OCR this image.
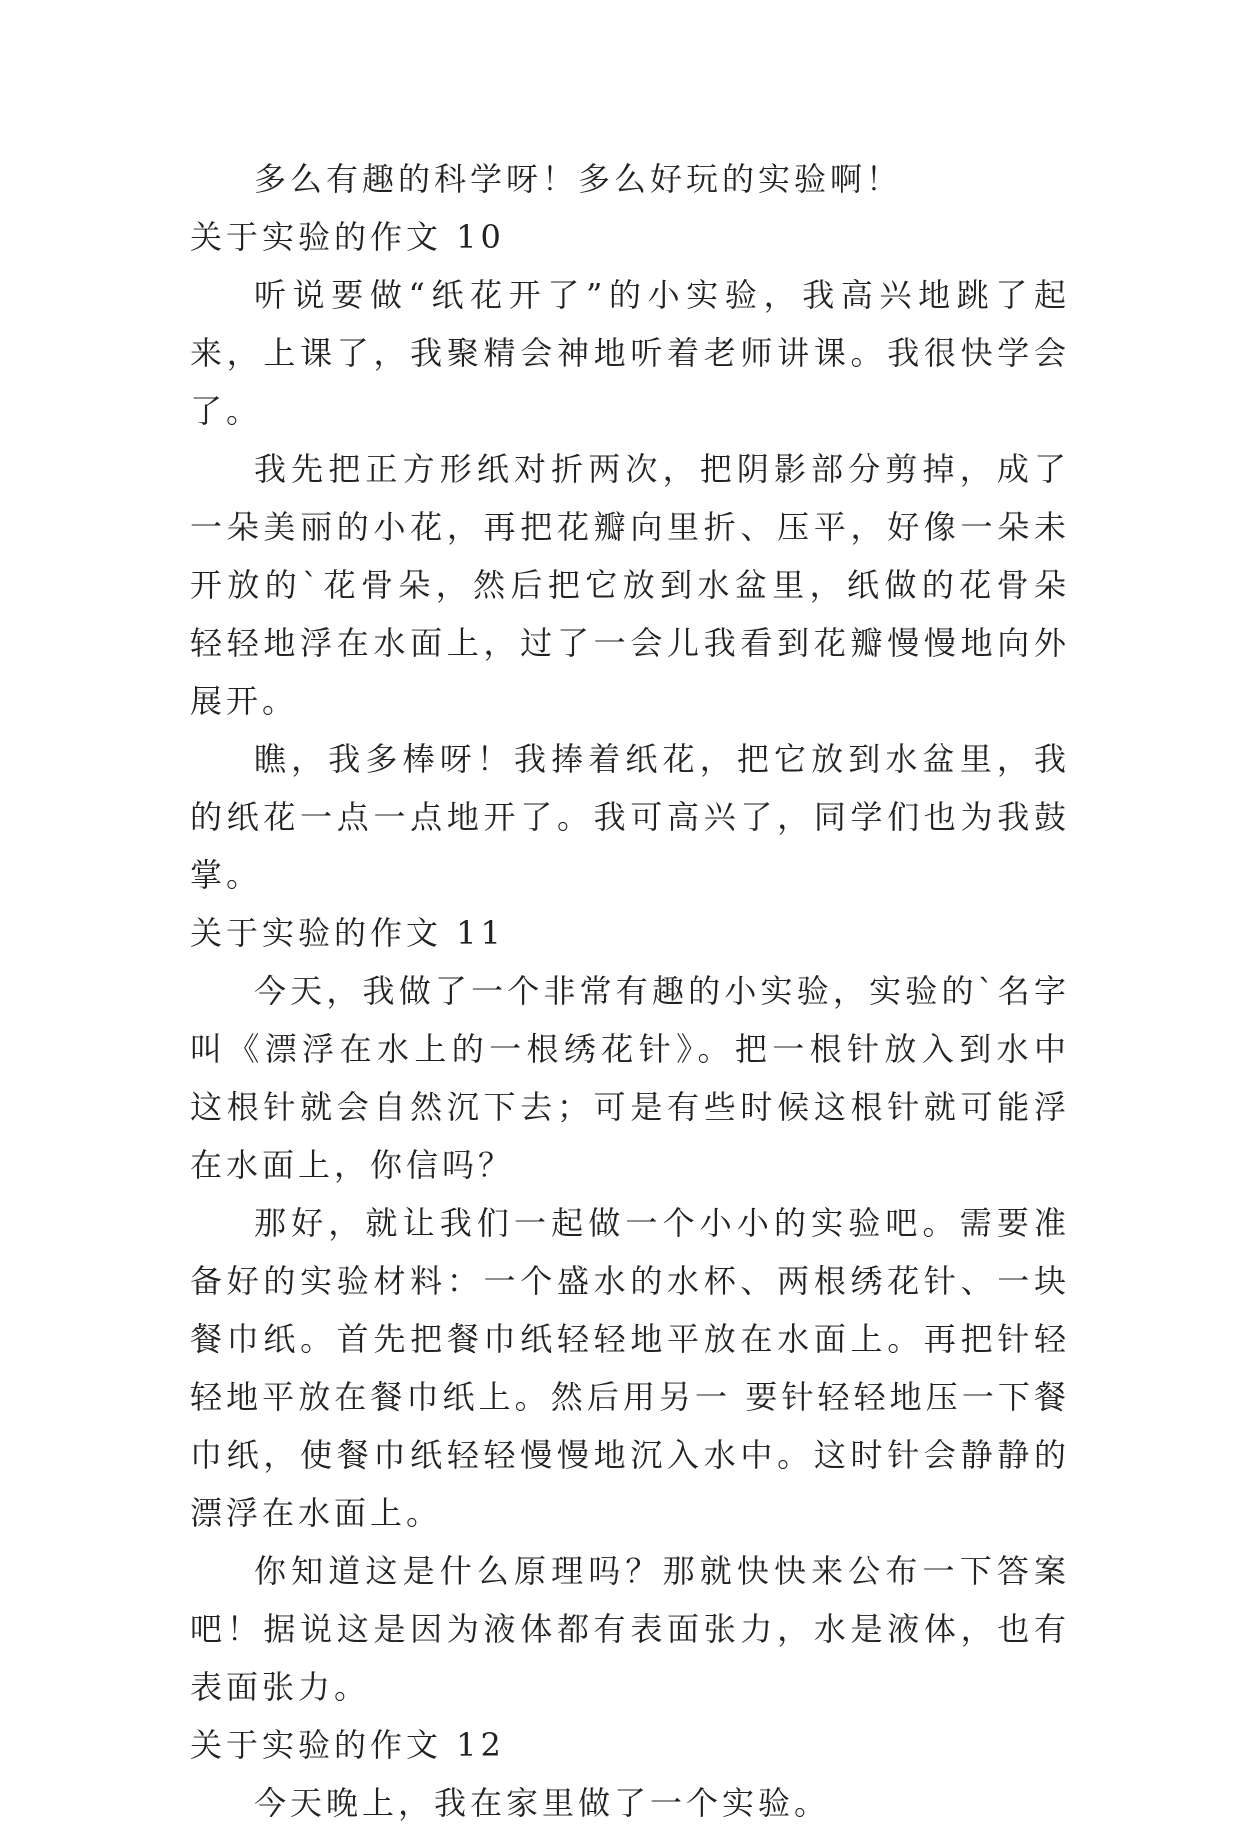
多么有趣的科学呀！多么好玩的实验啊！

关于实验的作文 10

听说要做“纸花开了”的小实验，我高兴地跳了起来，上课了，我聚精会神地听着老师讲课。我很快学会了。

我先把正方形纸对折两次，把阴影部分剪掉，成了一朵美丽的小花，再把花瓣向里折、压平，好像一朵未开放的`花骨朵，然后把它放到水盆里，纸做的花骨朵轻轻地浮在水面上，过了一会儿我看到花瓣慢慢地向外展开。

瞧，我多棒呀！我捧着纸花，把它放到水盆里，我的纸花一点一点地开了。我可高兴了，同学们也为我鼓掌。

关于实验的作文 11

今天，我做了一个非常有趣的小实验，实验的`名字叫《漂浮在水上的一根绣花针》。把一根针放入到水中这根针就会自然沉下去；可是有些时候这根针就可能浮在水面上，你信吗？

那好，就让我们一起做一个小小的实验吧。需要准备好的实验材料：一个盛水的水杯、两根绣花针、一块餐巾纸。首先把餐巾纸轻轻地平放在水面上。再把针轻轻地平放在餐巾纸上。然后用另一 要针轻轻地压一下餐巾纸，使餐巾纸轻轻慢慢地沉入水中。这时针会静静的漂浮在水面上。

你知道这是什么原理吗？那就快快来公布一下答案吧！据说这是因为液体都有表面张力，水是液体，也有表面张力。

关于实验的作文 12

今天晚上，我在家里做了一个实验。
